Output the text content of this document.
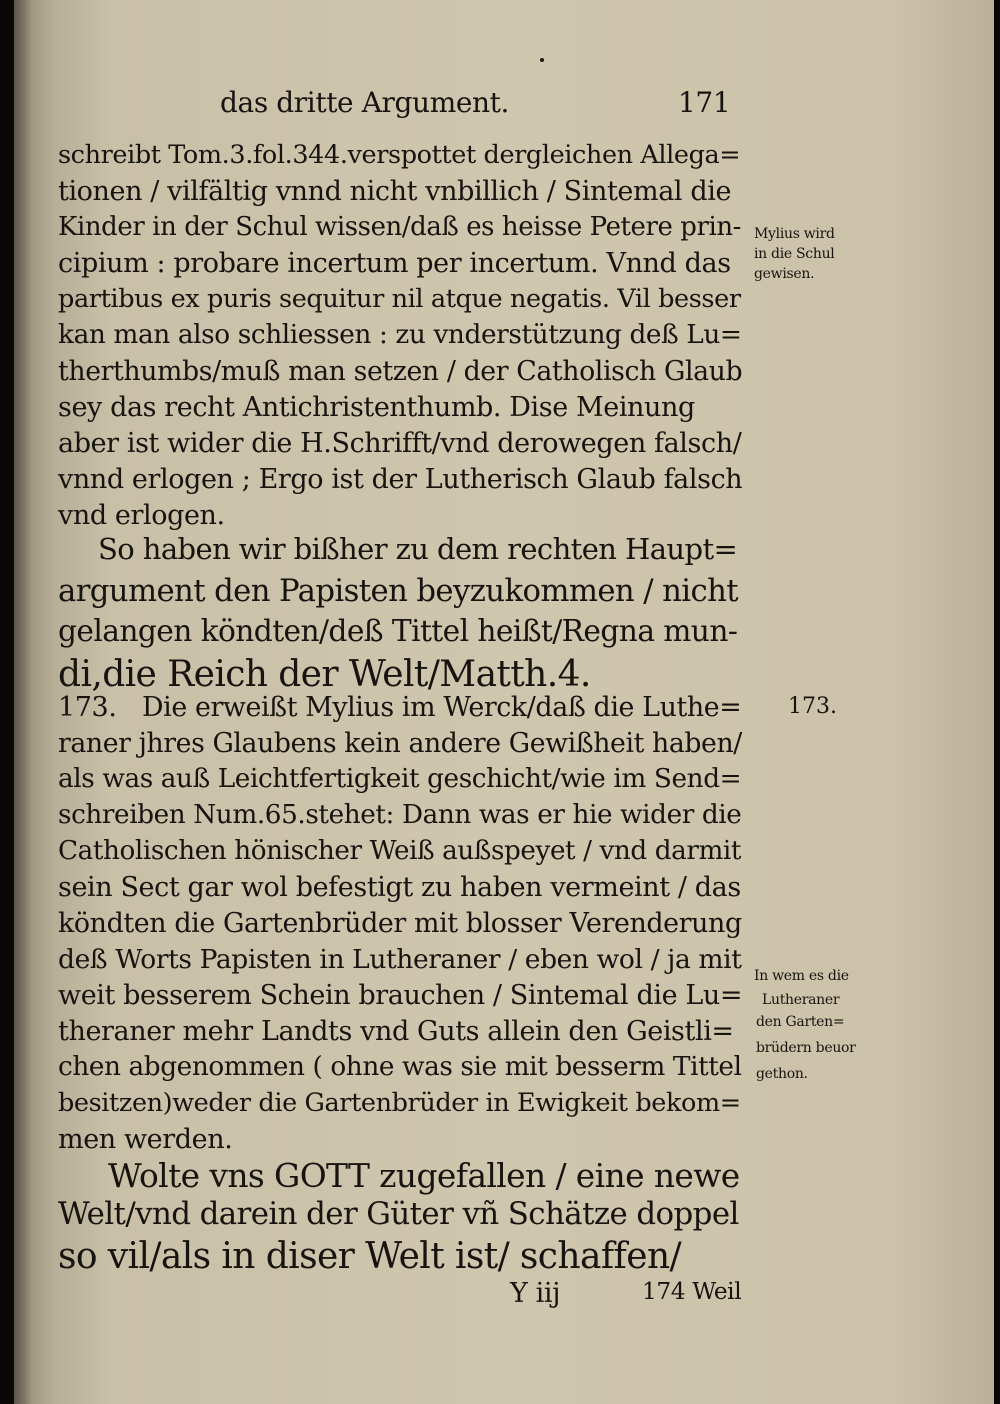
das dritte Argument.	171
schreibt Tom.3.fol.344.verspottet dergleichen Allega=
tionen / vilfältig vnnd nicht vnbillich / Sintemal die
Kinder in der Schul wissen/daß es heisse Petere prin-
cipium : probare incertum per incertum. Vnnd das
partibus ex puris sequitur nil atque negatis. Vil besser
kan man also schliessen : zu vnderstützung deß Lu=
therthumbs/muß man setzen / der Catholisch Glaub
sey das recht Antichristenthumb. Dise Meinung
aber ist wider die H.Schrifft/vnd derowegen falsch/
vnnd erlogen ; Ergo ist der Lutherisch Glaub falsch
vnd erlogen.
So haben wir bißher zu dem rechten Haupt=
argument den Papisten beyzukommen / nicht
gelangen köndten/deß Tittel heißt/Regna mun-
di,die Reich der Welt/Matth.4.
173. Die erweißt Mylius im Werck/daß die Luthe=
raner jhres Glaubens kein andere Gewißheit haben/
als was auß Leichtfertigkeit geschicht/wie im Send=
schreiben Num.65.stehet: Dann was er hie wider die
Catholischen hönischer Weiß außspeyet / vnd darmit
sein Sect gar wol befestigt zu haben vermeint / das
köndten die Gartenbrüder mit blosser Verenderung
deß Worts Papisten in Lutheraner / eben wol / ja mit
weit besserem Schein brauchen / Sintemal die Lu=
theraner mehr Landts vnd Guts allein den Geistli=
chen abgenommen ( ohne was sie mit besserm Tittel
besitzen)weder die Gartenbrüder in Ewigkeit bekom=
men werden.
Wolte vns GOTT zugefallen / eine newe
Welt/vnd darein der Güter vñ Schätze doppel
so vil/als in diser Welt ist/ schaffen/
Y iij	174 Weil
Mylius wird
in die Schul
gewisen.
173.
In wem es die
Lutheraner
den Garten=
brüdern beuor
gethon.
